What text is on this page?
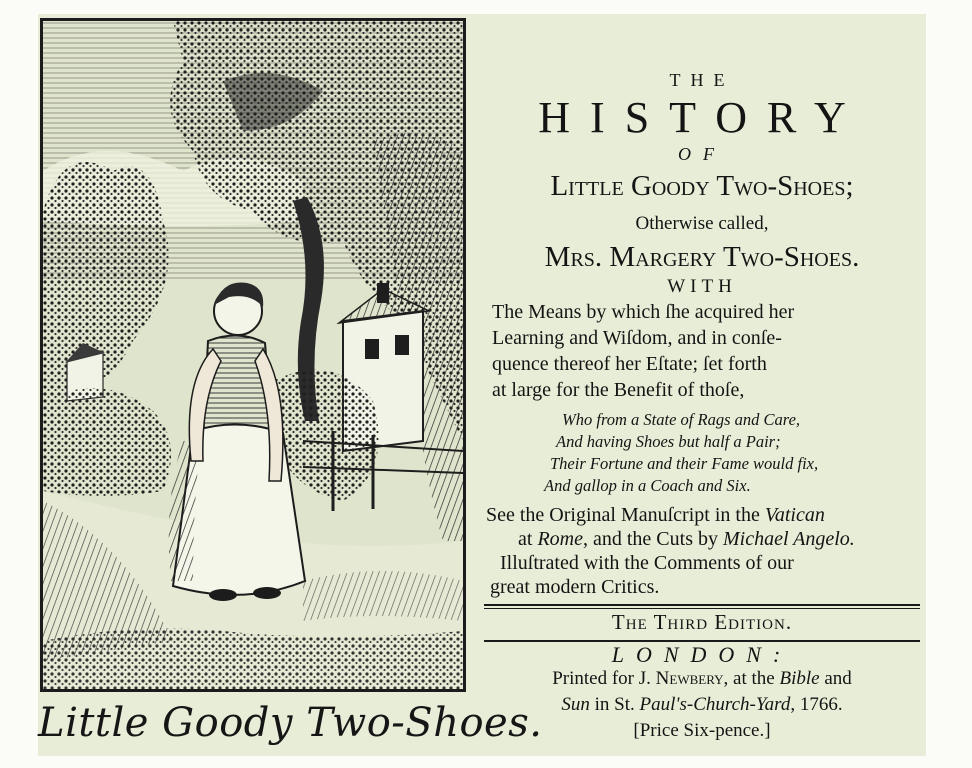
Little Goody Two-Shoes.
THE
HISTORY
OF
Little Goody Two-Shoes;
Otherwise called,
Mrs. Margery Two-Shoes.
WITH
The Means by which ſhe acquired her
Learning and Wiſdom, and in conſe-
quence thereof her Eſtate; ſet forth
at large for the Benefit of thoſe,
Who from a State of Rags and Care,
And having Shoes but half a Pair;
Their Fortune and their Fame would fix,
And gallop in a Coach and Six.
See the Original Manuſcript in the Vatican
at Rome, and the Cuts by Michael Angelo.
Illuſtrated with the Comments of our
great modern Critics.
The Third Edition.
LONDON:
Printed for J. Newbery, at the Bible and
Sun in St. Paul's-Church-Yard, 1766.
[Price Six-pence.]
